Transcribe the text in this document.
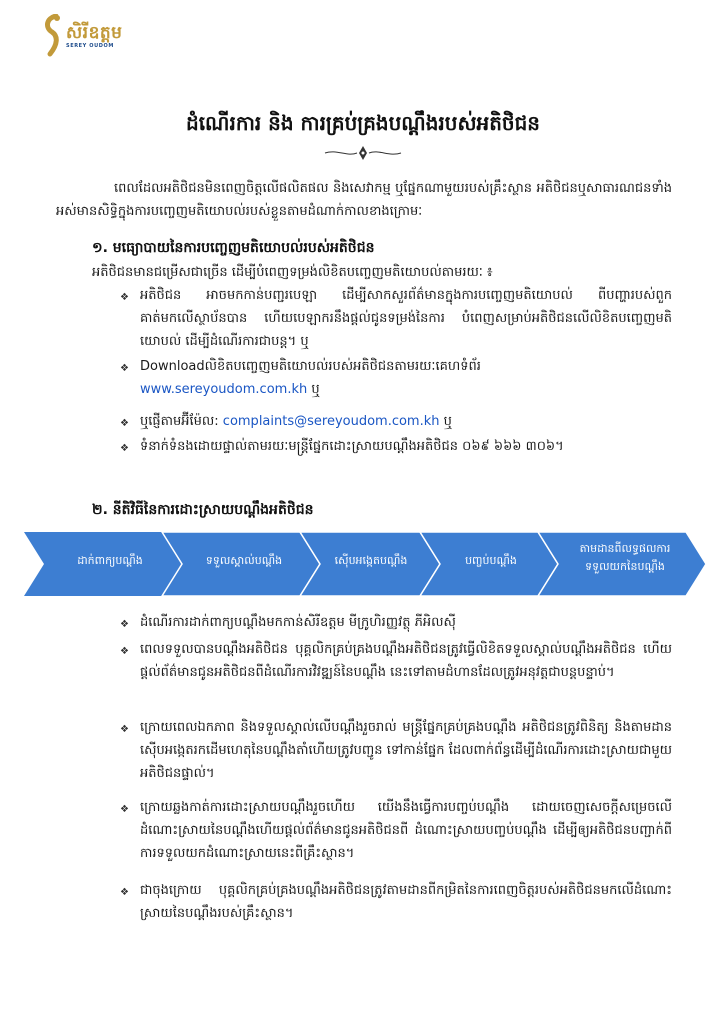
សិរីឧត្តម
SEREY OUDOM
ដំណើរការ និង ការគ្រប់គ្រងបណ្ដឹងរបស់អតិថិជន
ពេលដែលអតិថិជនមិនពេញចិត្តលើផលិតផល និងសេវាកម្ម ឬផ្នែកណាមួយរបស់គ្រឹះស្ថាន អតិថិជនឬសាធារណជនទាំងអស់មានសិទ្ធិក្នុងការបញ្ចេញមតិយោបល់របស់ខ្លួនតាមដំណាក់កាលខាងក្រោមៈ
១. មធ្យោបាយនៃការបញ្ចេញមតិយោបល់របស់អតិថិជន
អតិថិជនមានជម្រើសជាច្រើន ដើម្បីបំពេញទម្រង់លិខិតបញ្ចេញមតិយោបល់តាមរយៈ ៖
❖ អតិថិជន អាចមកកាន់បញ្ជរបេឡា ដើម្បីសាកសួរព័ត៌មានក្នុងការបញ្ចេញមតិយោបល់ ពីបញ្ហារបស់ពួកគាត់មកលើស្ថាប័នបាន ហើយបេឡាករនឹងផ្ដល់ជូនទម្រង់នៃការ បំពេញសម្រាប់អតិថិជនលើលិខិតបញ្ចេញមតិយោបល់ ដើម្បីដំណើរការជាបន្ត។ ឬ
❖ Downloadលិខិតបញ្ចេញមតិយោបល់របស់អតិថិជនតាមរយៈគេហទំព័រ
www.sereyoudom.com.kh ឬ
❖ ឬផ្ញើតាមអ៊ីម៉ែល: complaints@sereyoudom.com.kh ឬ
❖ ទំនាក់ទំនងដោយផ្ទាល់តាមរយៈមន្ត្រីផ្នែកដោះស្រាយបណ្ដឹងអតិថិជន ០៦៩ ៦៦៦ ៣០៦។
២. នីតិវិធីនៃការដោះស្រាយបណ្ដឹងអតិថិជន
ដាក់ពាក្យបណ្ដឹង	ទទួលស្គាល់បណ្ដឹង	ស៊ើបអង្កេតបណ្ដឹង	បញ្ចប់បណ្ដឹង
តាមដានពីលទ្ធផលការ ទទួលយកនៃបណ្ដឹង
❖ ដំណើរការដាក់ពាក្យបណ្ដឹងមកកាន់សិរីឧត្តម មីក្រូហិរញ្ញវត្ថុ ភីអិលស៊ី
❖ ពេលទទួលបានបណ្ដឹងអតិថិជន បុគ្គលិកគ្រប់គ្រងបណ្ដឹងអតិថិជនត្រូវធ្វើលិខិតទទួលស្គាល់បណ្ដឹងអតិថិជន ហើយផ្ដល់ព័ត៌មានជូនអតិថិជនពីដំណើរការវិវឌ្ឍន៍នៃបណ្ដឹង នេះទៅតាមដំហានដែលត្រូវអនុវត្តជាបន្តបន្ទាប់។
❖ ក្រោយពេលឯកភាព និងទទួលស្គាល់លើបណ្ដឹងរួចរាល់ មន្ត្រីផ្នែកគ្រប់គ្រងបណ្ដឹង អតិថិជនត្រូវពិនិត្យ និងតាមដានស៊ើបអង្កេតរកដើមហេតុនៃបណ្ដឹងតាំហើយត្រូវបញ្ជូន ទៅកាន់ផ្នែក ដែលពាក់ព័ន្ធដើម្បីដំណើរការដោះស្រាយជាមួយអតិថិជនផ្ទាល់។
❖ ក្រោយឆ្លងកាត់ការដោះស្រាយបណ្ដឹងរួចហើយ យើងនឹងធ្វើការបញ្ចប់បណ្ដឹង ដោយចេញសេចក្ដីសម្រេចលើដំណោះស្រាយនៃបណ្ដឹងហើយផ្ដល់ព័ត៌មានជូនអតិថិជនពី ដំណោះស្រាយបញ្ចប់បណ្ដឹង ដើម្បីឲ្យអតិថិជនបញ្ជាក់ពីការទទួលយកដំណោះស្រាយនេះពីគ្រឹះស្ថាន។
❖ ជាចុងក្រោយ បុគ្គលិកគ្រប់គ្រងបណ្ដឹងអតិថិជនត្រូវតាមដានពីកម្រិតនៃការពេញចិត្តរបស់អតិថិជនមកលើដំណោះស្រាយនៃបណ្ដឹងរបស់គ្រឹះស្ថាន។
